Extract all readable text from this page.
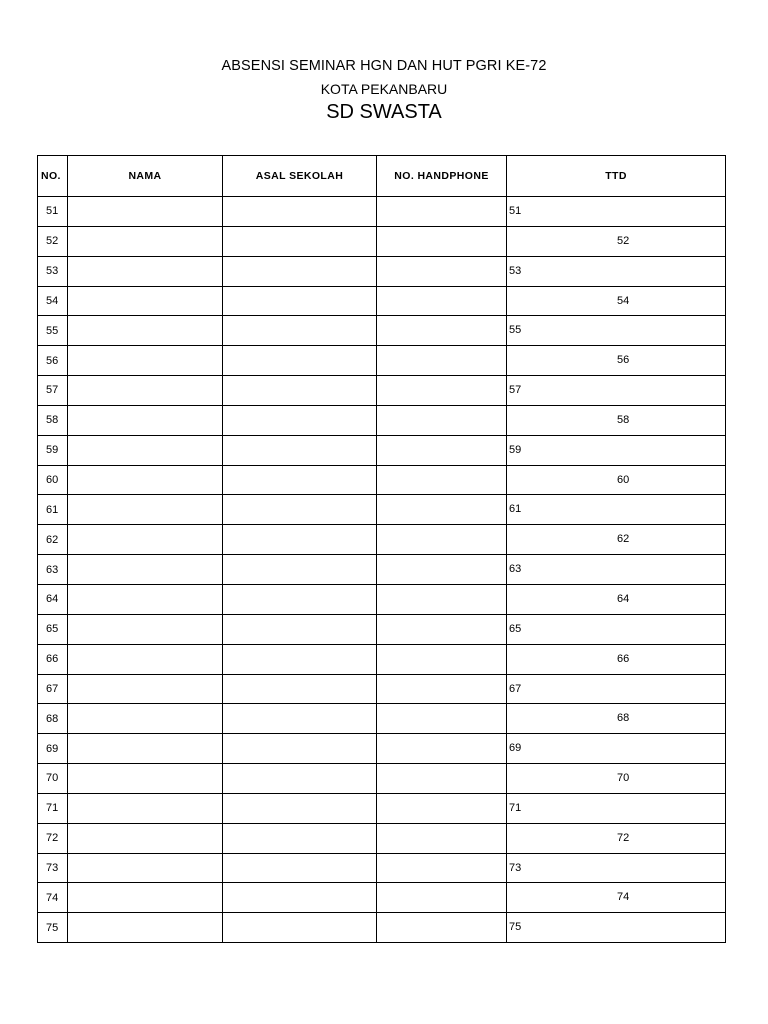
ABSENSI SEMINAR HGN DAN HUT PGRI KE-72
KOTA PEKANBARU
SD SWASTA
NO.	NAMA	ASAL SEKOLAH	NO. HANDPHONE	TTD
51				51

52				52

53				53

54				54

55				55

56				56

57				57

58				58

59				59

60				60

61				61

62				62

63				63

64				64

65				65

66				66

67				67

68				68

69				69

70				70

71				71

72				72

73				73

74				74

75				75
